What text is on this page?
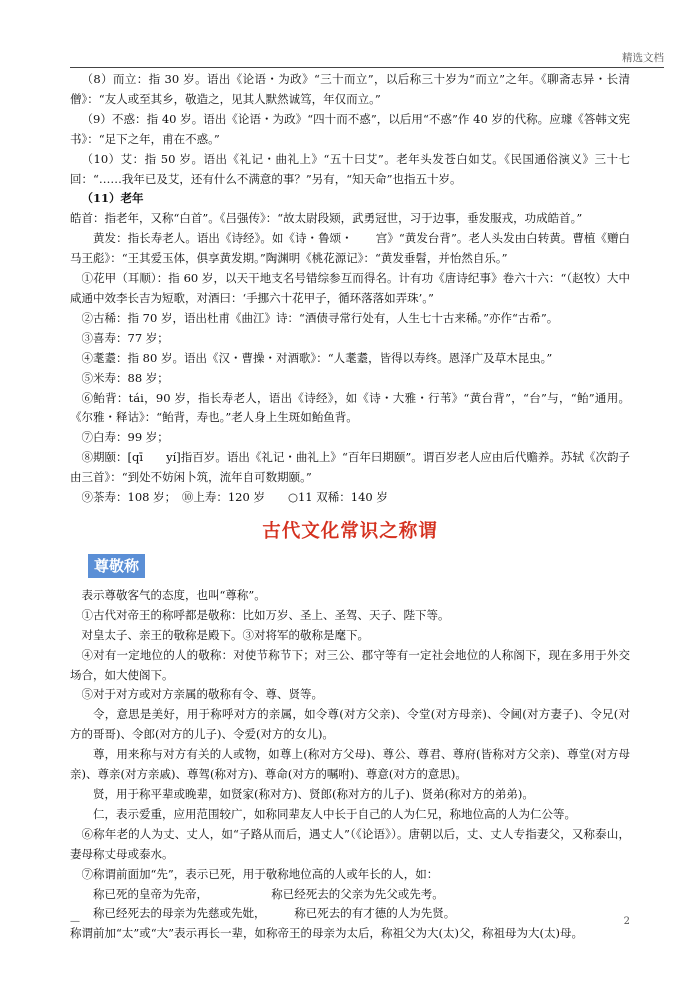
精选文档

（8）而立：指 30 岁。语出《论语・为政》“三十而立”，以后称三十岁为“而立”之年。《聊斋志异・长清僧》：“友人或至其乡，敬造之，见其人默然诚笃，年仅而立。”

（9）不惑：指 40 岁。语出《论语・为政》“四十而不惑”，以后用“不惑”作 40 岁的代称。应璩《答韩文宪书》：“足下之年，甫在不惑。”

（10）艾：指 50 岁。语出《礼记・曲礼上》“五十曰艾”。老年头发苍白如艾。《民国通俗演义》三十七回：“……我年已及艾，还有什么不满意的事？”另有，“知天命”也指五十岁。

（11）老年

皓首：指老年，又称“白首”。《吕强传》：“故太尉段颎，武勇冠世，习于边事，垂发服戎，功成皓首。”

黄发：指长寿老人。语出《诗经》。如《诗・鲁颂・　　宫》“黄发台背”。老人头发由白转黄。曹植《赠白马王彪》：“王其爱玉体，俱享黄发期。”陶渊明《桃花源记》：“黄发垂髫，并怡然自乐。”

①花甲（耳顺）：指 60 岁，以天干地支名号错综参互而得名。计有功《唐诗纪事》卷六十六：“（赵牧）大中咸通中效李长吉为短歌，对酒曰：‘手挪六十花甲子，循环落落如弄珠’。”

②古稀：指 70 岁，语出杜甫《曲江》诗：“酒债寻常行处有，人生七十古来稀。”亦作“古希”。

③喜寿：77 岁；

④耄耋：指 80 岁。语出《汉・曹操・对酒歌》：“人耄耋，皆得以寿终。恩泽广及草木昆虫。”

⑤米寿：88 岁；

⑥鲐背：tái，90 岁，指长寿老人，语出《诗经》，如《诗・大雅・行苇》“黄台背”，“台”与，“鲐”通用。《尔雅・释诂》：“鲐背，寿也。”老人身上生斑如鲐鱼背。

⑦白寿：99 岁；

⑧期颐：[qī　　yí]指百岁。语出《礼记・曲礼上》“百年曰期颐”。谓百岁老人应由后代赡养。苏轼《次韵子由三首》：“到处不妨闲卜筑，流年自可数期颐。”

⑨茶寿：108 岁；　⑩上寿：120 岁　　○11 双稀：140 岁

古代文化常识之称谓
尊敬称

表示尊敬客气的态度，也叫“尊称”。

①古代对帝王的称呼都是敬称：比如万岁、圣上、圣驾、天子、陛下等。

对皇太子、亲王的敬称是殿下。③对将军的敬称是麾下。

④对有一定地位的人的敬称：对使节称节下；对三公、郡守等有一定社会地位的人称阁下，现在多用于外交场合，如大使阁下。

⑤对于对方或对方亲属的敬称有令、尊、贤等。

令，意思是美好，用于称呼对方的亲属，如令尊(对方父亲)、令堂(对方母亲)、令阃(对方妻子)、令兄(对方的哥哥)、令郎(对方的儿子)、令爱(对方的女儿)。

尊，用来称与对方有关的人或物，如尊上(称对方父母)、尊公、尊君、尊府(皆称对方父亲)、尊堂(对方母亲)、尊亲(对方亲戚)、尊驾(称对方)、尊命(对方的嘱咐)、尊意(对方的意思)。

贤，用于称平辈或晚辈，如贤家(称对方)、贤郎(称对方的儿子)、贤弟(称对方的弟弟)。

仁，表示爱重，应用范围较广，如称同辈友人中长于自己的人为仁兄，称地位高的人为仁公等。

⑥称年老的人为丈、丈人，如“子路从而后，遇丈人”（《论语》）。唐朝以后，丈、丈人专指妻父，又称泰山，妻母称丈母或泰水。

⑦称谓前面加“先”，表示已死，用于敬称地位高的人或年长的人，如：

称已死的皇帝为先帝，　　　　　　称已经死去的父亲为先父或先考。

称已经死去的母亲为先慈或先妣，　　　称已死去的有才德的人为先贤。

称谓前加“太”或“大”表示再长一辈，如称帝王的母亲为太后，称祖父为大(太)父，称祖母为大(太)母。

—	2
